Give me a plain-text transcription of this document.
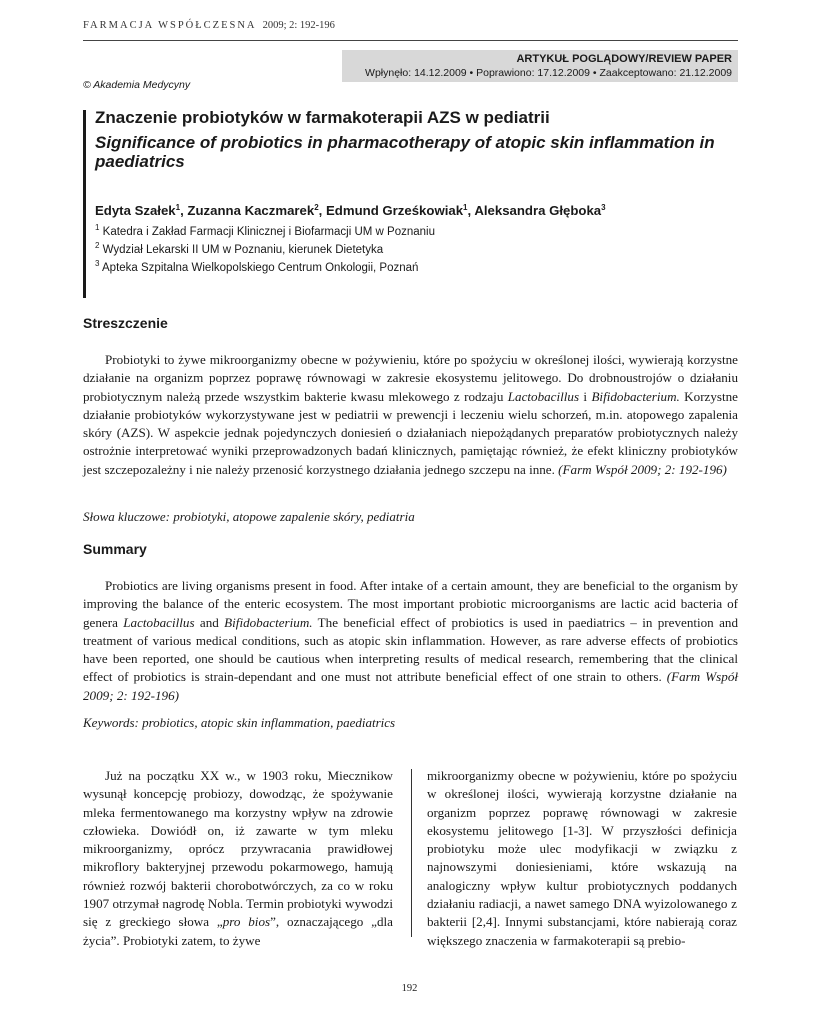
FARMACJA WSPÓŁCZESNA 2009; 2: 192-196
ARTYKUŁ POGLĄDOWY/REVIEW PAPER
Wpłynęło: 14.12.2009 • Poprawiono: 17.12.2009 • Zaakceptowano: 21.12.2009
© Akademia Medycyny
Znaczenie probiotyków w farmakoterapii AZS w pediatrii
Significance of probiotics in pharmacotherapy of atopic skin inflammation in paediatrics
Edyta Szałek$^1$, Zuzanna Kaczmarek$^2$, Edmund Grześkowiak$^1$, Aleksandra Głęboka$^3$
$^1$ Katedra i Zakład Farmacji Klinicznej i Biofarmacji UM w Poznaniu
$^2$ Wydział Lekarski II UM w Poznaniu, kierunek Dietetyka
$^3$ Apteka Szpitalna Wielkopolskiego Centrum Onkologii, Poznań
Streszczenie

Probiotyki to żywe mikroorganizmy obecne w pożywieniu, które po spożyciu w określonej ilości, wywierają korzystne działanie na organizm poprzez poprawę równowagi w zakresie ekosystemu jelitowego. Do drobnoustrojów o działaniu probiotycznym należą przede wszystkim bakterie kwasu mlekowego z rodzaju Lactobacillus i Bifidobacterium. Korzystne działanie probiotyków wykorzystywane jest w pediatrii w prewencji i leczeniu wielu schorzeń, m.in. atopowego zapalenia skóry (AZS). W aspekcie jednak pojedynczych doniesień o działaniach niepożądanych preparatów probiotycznych należy ostrożnie interpretować wyniki przeprowadzonych badań klinicznych, pamiętając również, że efekt kliniczny probiotyków jest szczepozależny i nie należy przenosić korzystnego działania jednego szczepu na inne. (Farm Współ 2009; 2: 192-196)

Słowa kluczowe: probiotyki, atopowe zapalenie skóry, pediatria
Summary

Probiotics are living organisms present in food. After intake of a certain amount, they are beneficial to the organism by improving the balance of the enteric ecosystem. The most important probiotic microorganisms are lactic acid bacteria of genera Lactobacillus and Bifidobacterium. The beneficial effect of probiotics is used in paediatrics – in prevention and treatment of various medical conditions, such as atopic skin inflammation. However, as rare adverse effects of probiotics have been reported, one should be cautious when interpreting results of medical research, remembering that the clinical effect of probiotics is strain-dependant and one must not attribute beneficial effect of one strain to others. (Farm Współ 2009; 2: 192-196)

Keywords: probiotics, atopic skin inflammation, paediatrics

Już na początku XX w., w 1903 roku, Miecznikow wysunął koncepcję probiozy, dowodząc, że spożywanie mleka fermentowanego ma korzystny wpływ na zdrowie człowieka. Dowiódł on, iż zawarte w tym mleku mikroorganizmy, oprócz przywracania prawidłowej mikroflory bakteryjnej przewodu pokarmowego, hamują również rozwój bakterii chorobotwórczych, za co w roku 1907 otrzymał nagrodę Nobla. Termin probiotyki wywodzi się z greckiego słowa „pro bios”, oznaczającego „dla życia”. Probiotyki zatem, to żywe

mikroorganizmy obecne w pożywieniu, które po spożyciu w określonej ilości, wywierają korzystne działanie na organizm poprzez poprawę równowagi w zakresie ekosystemu jelitowego [1-3]. W przyszłości definicja probiotyku może ulec modyfikacji w związku z najnowszymi doniesieniami, które wskazują na analogiczny wpływ kultur probiotycznych poddanych działaniu radiacji, a nawet samego DNA wyizolowanego z bakterii [2,4]. Innymi substancjami, które nabierają coraz większego znaczenia w farmakoterapii są prebio-

192
